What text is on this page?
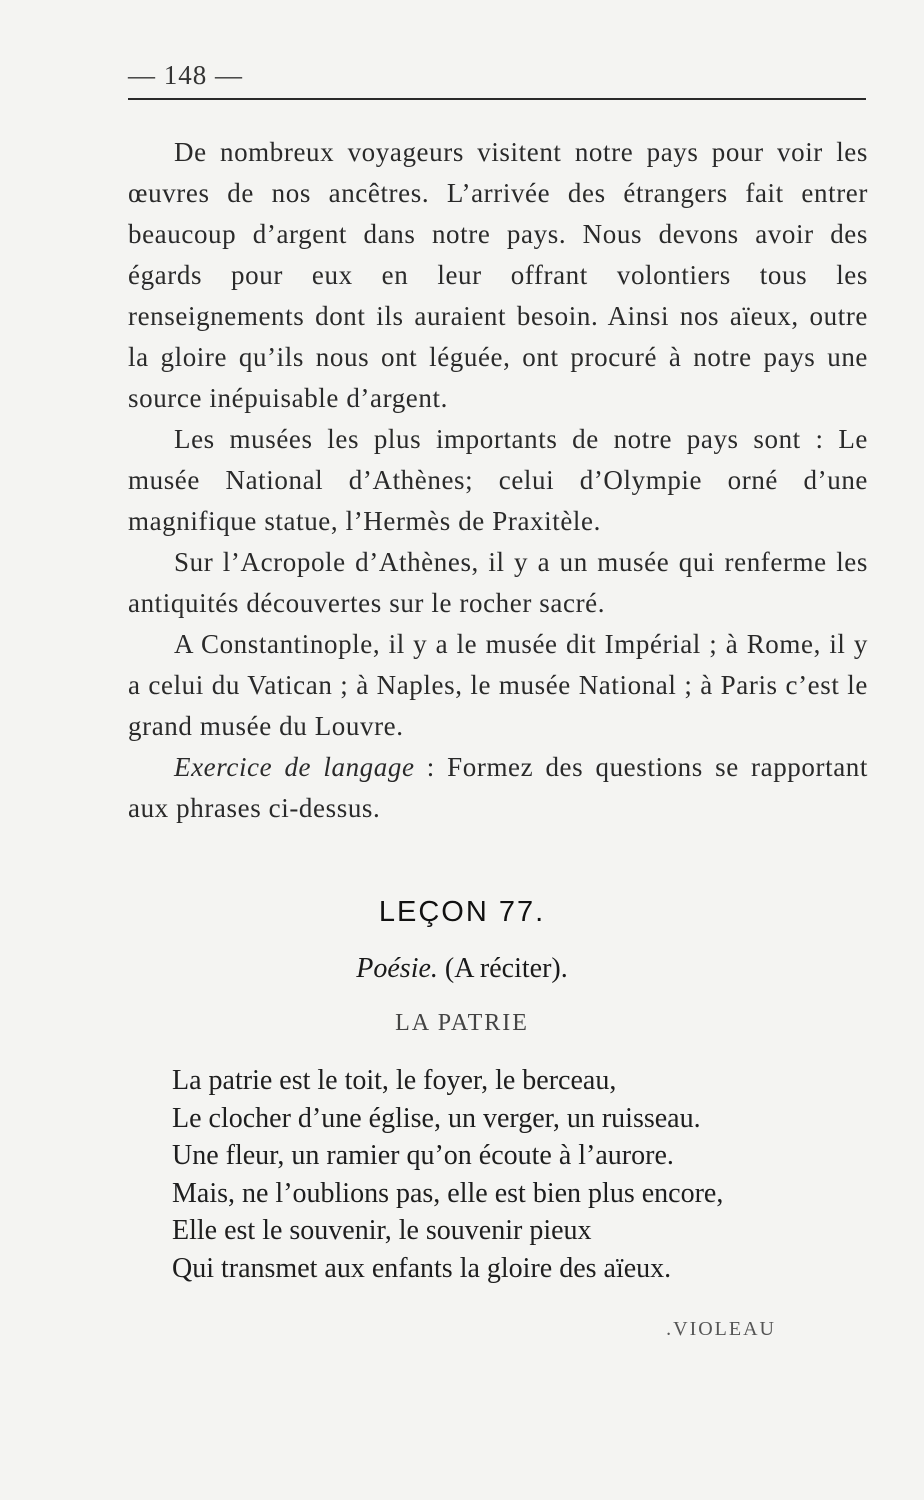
— 148 —

De nombreux voyageurs visitent notre pays pour voir les œuvres de nos ancêtres. L’arrivée des étrangers fait entrer beaucoup d’argent dans notre pays. Nous devons avoir des égards pour eux en leur offrant volontiers tous les renseignements dont ils auraient besoin. Ainsi nos aïeux, outre la gloire qu’ils nous ont léguée, ont procuré à notre pays une source inépuisable d’argent.

Les musées les plus importants de notre pays sont : Le musée National d’Athènes; celui d’Olympie orné d’une magnifique statue, l’Hermès de Praxitèle.

Sur l’Acropole d’Athènes, il y a un musée qui renferme les antiquités découvertes sur le rocher sacré.

A Constantinople, il y a le musée dit Impérial ; à Rome, il y a celui du Vatican ; à Naples, le musée National ; à Paris c’est le grand musée du Louvre.

Exercice de langage : Formez des questions se rapportant aux phrases ci-dessus.

LEÇON 77.
Poésie. (A réciter).
LA PATRIE
La patrie est le toit, le foyer, le berceau,
Le clocher d’une église, un verger, un ruisseau.
Une fleur, un ramier qu’on écoute à l’aurore.
Mais, ne l’oublions pas, elle est bien plus encore,
Elle est le souvenir, le souvenir pieux
Qui transmet aux enfants la gloire des aïeux.
.VIOLEAU
